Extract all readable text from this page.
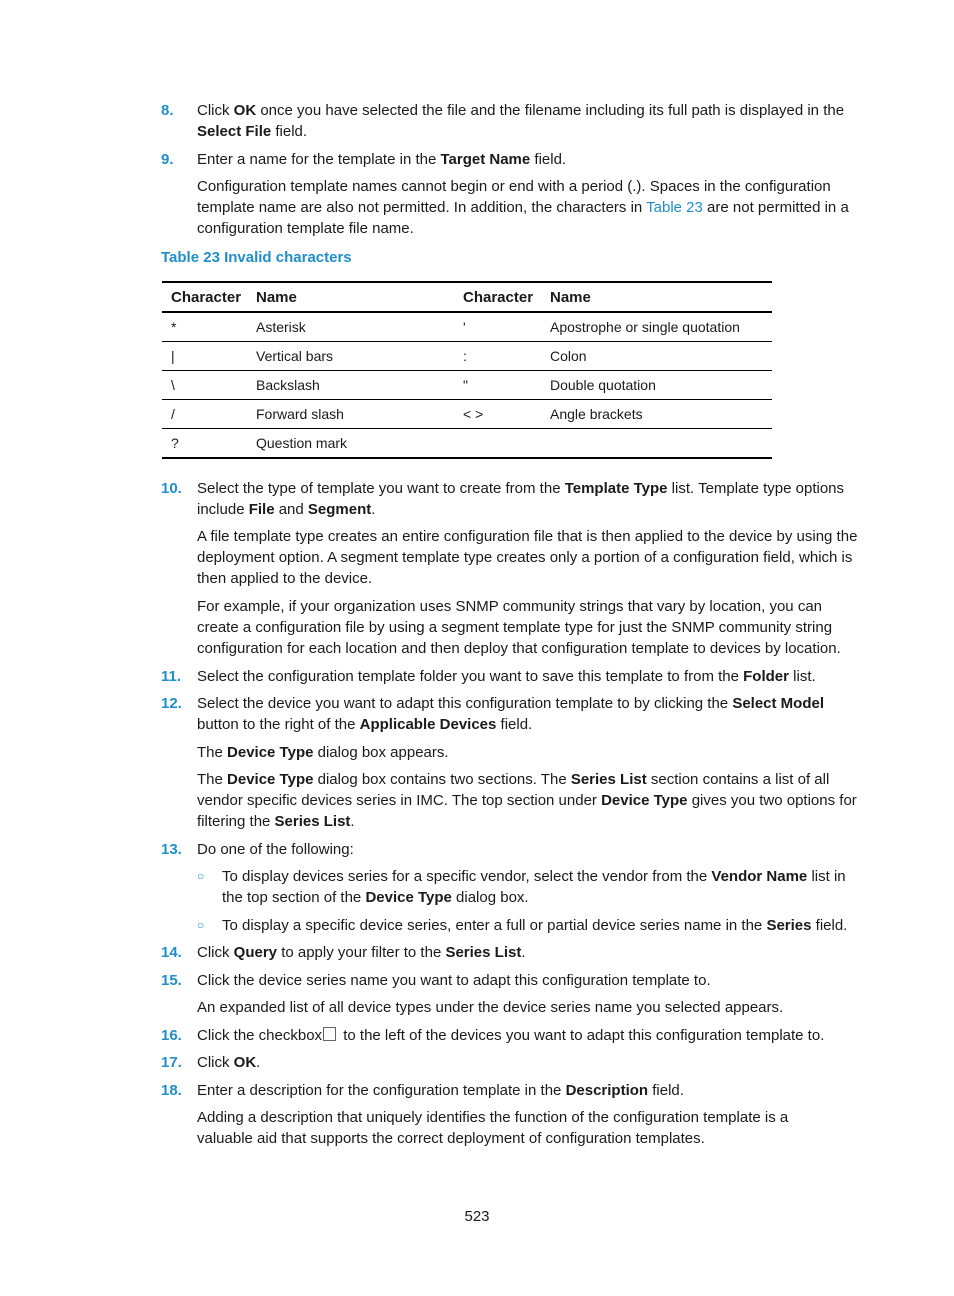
8. Click OK once you have selected the file and the filename including its full path is displayed in the Select File field.
9. Enter a name for the template in the Target Name field.
Configuration template names cannot begin or end with a period (.). Spaces in the configuration template name are also not permitted. In addition, the characters in Table 23 are not permitted in a configuration template file name.
Table 23 Invalid characters
Character	Name	Character	Name
*	Asterisk	'	Apostrophe or single quotation
|	Vertical bars	:	Colon
\	Backslash	"	Double quotation
/	Forward slash	< >	Angle brackets
?	Question mark		
10. Select the type of template you want to create from the Template Type list. Template type options include File and Segment.
A file template type creates an entire configuration file that is then applied to the device by using the deployment option. A segment template type creates only a portion of a configuration field, which is then applied to the device.
For example, if your organization uses SNMP community strings that vary by location, you can create a configuration file by using a segment template type for just the SNMP community string configuration for each location and then deploy that configuration template to devices by location.
11. Select the configuration template folder you want to save this template to from the Folder list.
12. Select the device you want to adapt this configuration template to by clicking the Select Model button to the right of the Applicable Devices field.
The Device Type dialog box appears.
The Device Type dialog box contains two sections. The Series List section contains a list of all vendor specific devices series in IMC. The top section under Device Type gives you two options for filtering the Series List.
13. Do one of the following:
○ To display devices series for a specific vendor, select the vendor from the Vendor Name list in the top section of the Device Type dialog box.
○ To display a specific device series, enter a full or partial device series name in the Series field.
14. Click Query to apply your filter to the Series List.
15. Click the device series name you want to adapt this configuration template to.
An expanded list of all device types under the device series name you selected appears.
16. Click the checkbox to the left of the devices you want to adapt this configuration template to.
17. Click OK.
18. Enter a description for the configuration template in the Description field.
Adding a description that uniquely identifies the function of the configuration template is a valuable aid that supports the correct deployment of configuration templates.
523
